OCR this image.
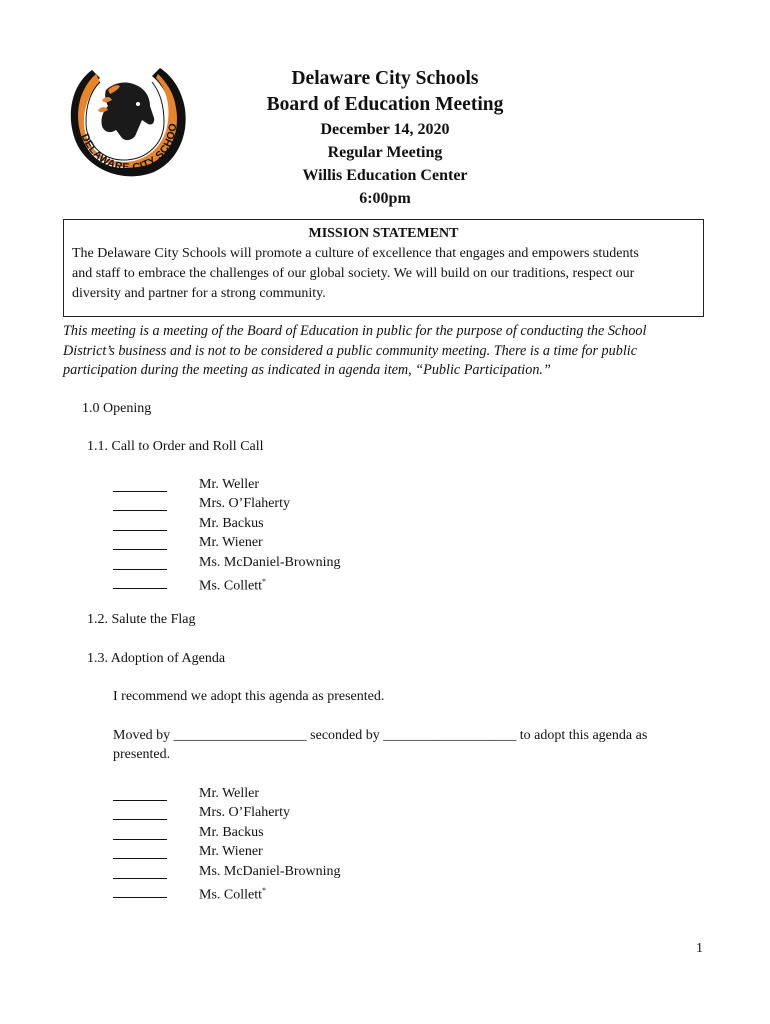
DELAWARE CITY SCHOO
Delaware City Schools
Board of Education Meeting
December 14, 2020
Regular Meeting
Willis Education Center
6:00pm
MISSION STATEMENT
The Delaware City Schools will promote a culture of excellence that engages and empowers students
and staff to embrace the challenges of our global society. We will build on our traditions, respect our
diversity and partner for a strong community.
This meeting is a meeting of the Board of Education in public for the purpose of conducting the School
District’s business and is not to be considered a public community meeting. There is a time for public
participation during the meeting as indicated in agenda item, “Public Participation.”
1.0 Opening
1.1. Call to Order and Roll Call
Mr. Weller
Mrs. O’Flaherty
Mr. Backus
Mr. Wiener
Ms. McDaniel-Browning
Ms. Collett*
1.2. Salute the Flag
1.3. Adoption of Agenda
I recommend we adopt this agenda as presented.
Moved by ___________________ seconded by ___________________ to adopt this agenda as
presented.
Mr. Weller
Mrs. O’Flaherty
Mr. Backus
Mr. Wiener
Ms. McDaniel-Browning
Ms. Collett*
1
